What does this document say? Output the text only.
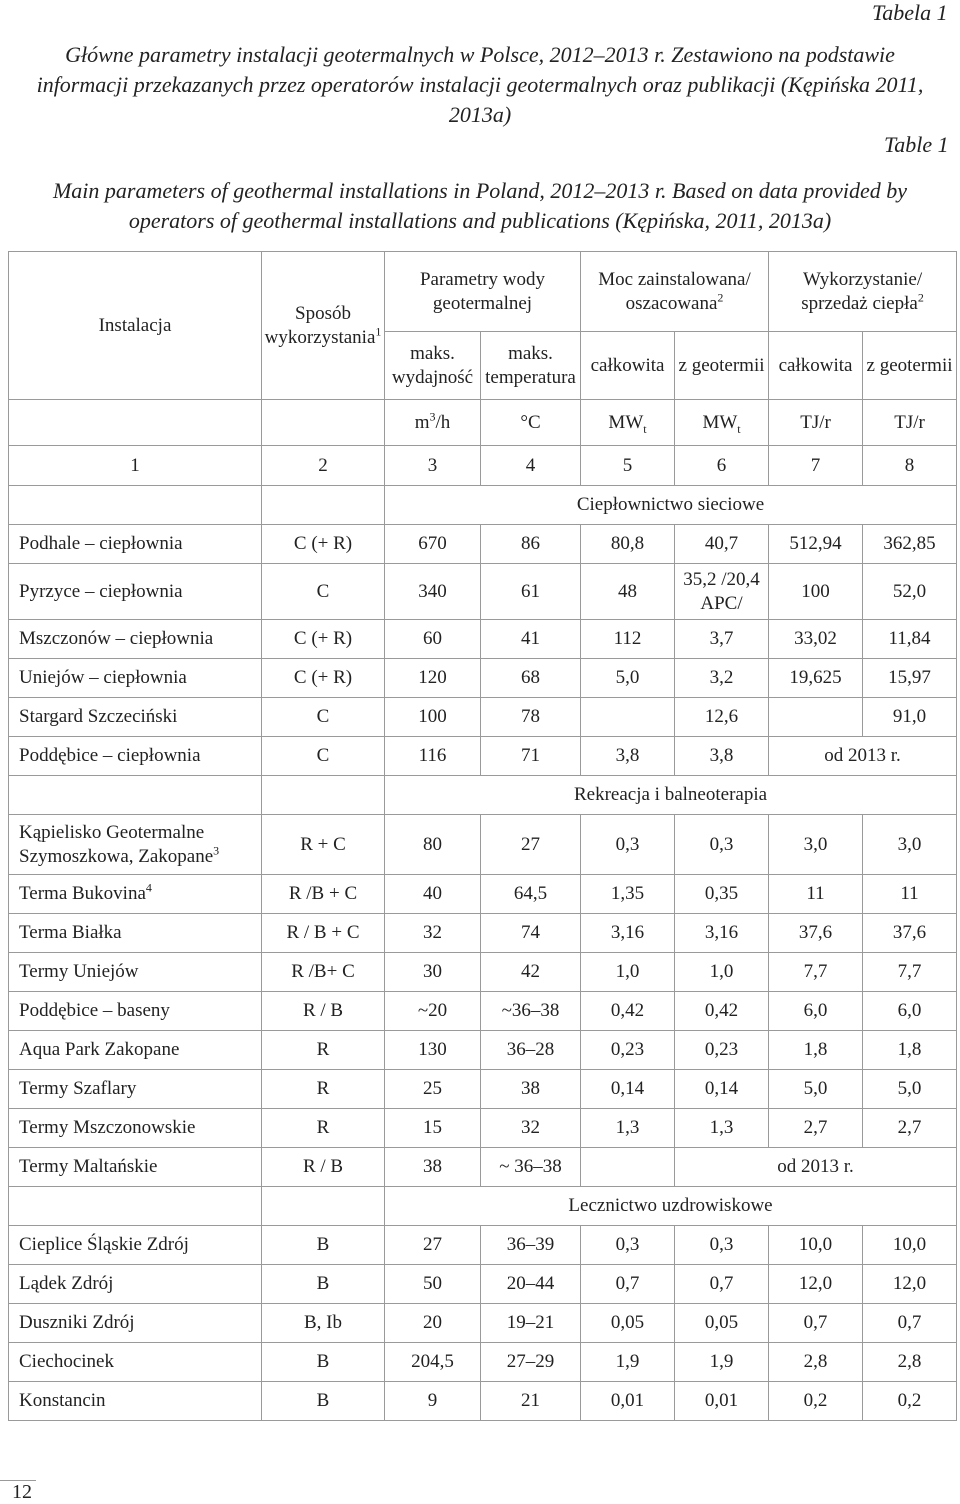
Tabela 1
Główne parametry instalacji geotermalnych w Polsce, 2012–2013 r. Zestawiono na podstawie informacji przekazanych przez operatorów instalacji geotermalnych oraz publikacji (Kępińska 2011, 2013a)
Table 1
Main parameters of geothermal installations in Poland, 2012–2013 r. Based on data provided by operators of geothermal installations and publications (Kępińska, 2011, 2013a)
Instalacja	Sposób wykorzystania$^1$	Parametry wody geotermalnej		Moc zainstalowana/ oszacowana$^2$		Wykorzystanie/ sprzedaż ciepła$^2$
		maks. wydajność	maks. temperatura	całkowita	z geotermii	całkowita	z geotermii
		$m^3/h$	°C	$MW_t$	$MW_t$	TJ/r	TJ/r
1	2	3	4	5	6	7	8
		Ciepłownictwo sieciowe					
Podhale – ciepłownia	C (+ R)	670	86	80,8	40,7	512,94	362,85
Pyrzyce – ciepłownia	C	340	61	48	35,2 /20,4 APC/	100	52,0
Mszczonów – ciepłownia	C (+ R)	60	41	112	3,7	33,02	11,84
Uniejów – ciepłownia	C (+ R)	120	68	5,0	3,2	19,625	15,97
Stargard Szczeciński	C	100	78		12,6		91,0
Poddębice – ciepłownia	C	116	71	3,8	3,8	od 2013 r.	
		Rekreacja i balneoterapia					
Kąpielisko Geotermalne Szymoszkowa, Zakopane$^3$	R + C	80	27	0,3	0,3	3,0	3,0
Terma Bukovina$^4$	R /B + C	40	64,5	1,35	0,35	11	11
Terma Białka	R / B + C	32	74	3,16	3,16	37,6	37,6
Termy Uniejów	R /B+ C	30	42	1,0	1,0	7,7	7,7
Poddębice – baseny	R / B	~20	~36–38	0,42	0,42	6,0	6,0
Aqua Park Zakopane	R	130	36–28	0,23	0,23	1,8	1,8
Termy Szaflary	R	25	38	0,14	0,14	5,0	5,0
Termy Mszczonowskie	R	15	32	1,3	1,3	2,7	2,7
Termy Maltańskie	R / B	38	~ 36–38		od 2013 r.		
		Lecznictwo uzdrowiskowe					
Cieplice Śląskie Zdrój	B	27	36–39	0,3	0,3	10,0	10,0
Lądek Zdrój	B	50	20–44	0,7	0,7	12,0	12,0
Duszniki Zdrój	B, Ib	20	19–21	0,05	0,05	0,7	0,7
Ciechocinek	B	204,5	27–29	1,9	1,9	2,8	2,8
Konstancin	B	9	21	0,01	0,01	0,2	0,2
12
